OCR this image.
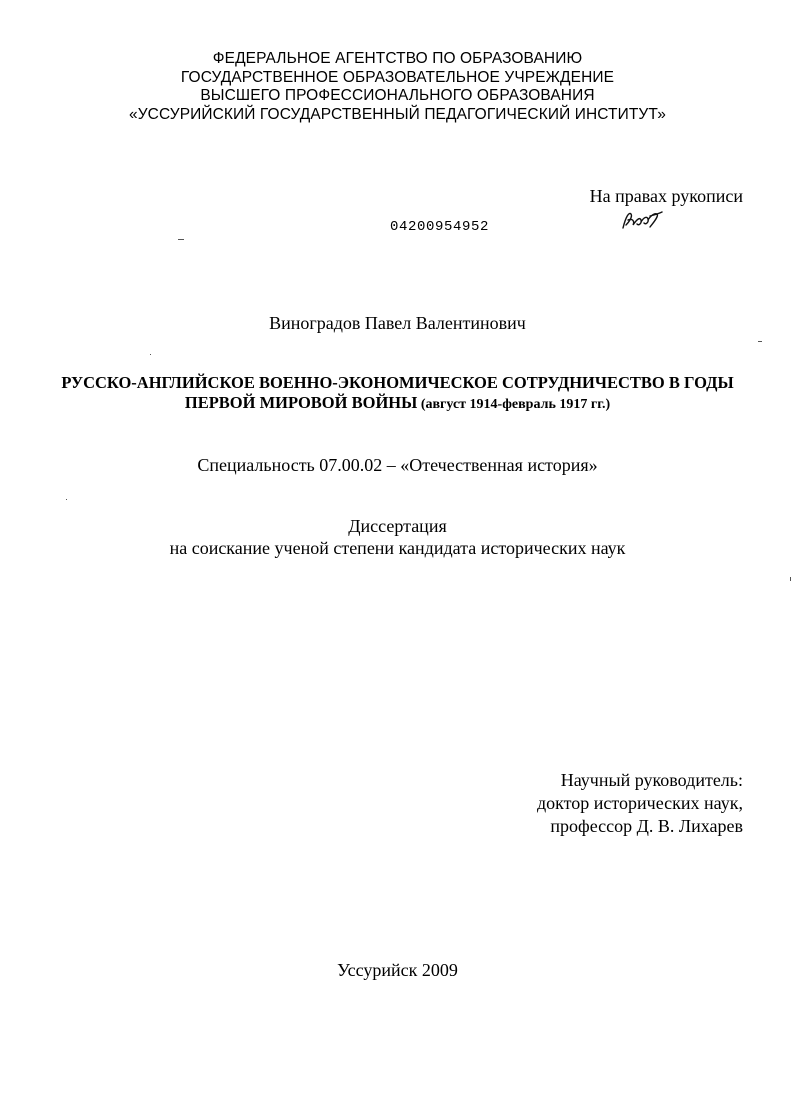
ФЕДЕРАЛЬНОЕ АГЕНТСТВО ПО ОБРАЗОВАНИЮ
ГОСУДАРСТВЕННОЕ ОБРАЗОВАТЕЛЬНОЕ УЧРЕЖДЕНИЕ
ВЫСШЕГО ПРОФЕССИОНАЛЬНОГО ОБРАЗОВАНИЯ
«УССУРИЙСКИЙ ГОСУДАРСТВЕННЫЙ ПЕДАГОГИЧЕСКИЙ ИНСТИТУТ»
На правах рукописи
04200954952
Виноградов Павел Валентинович
РУССКО-АНГЛИЙСКОЕ ВОЕННО-ЭКОНОМИЧЕСКОЕ СОТРУДНИЧЕСТВО В ГОДЫ
ПЕРВОЙ МИРОВОЙ ВОЙНЫ (август 1914-февраль 1917 гг.)
Специальность 07.00.02 – «Отечественная история»
Диссертация
на соискание ученой степени кандидата исторических наук
Научный руководитель:
доктор исторических наук,
профессор Д. В. Лихарев
Уссурийск 2009
